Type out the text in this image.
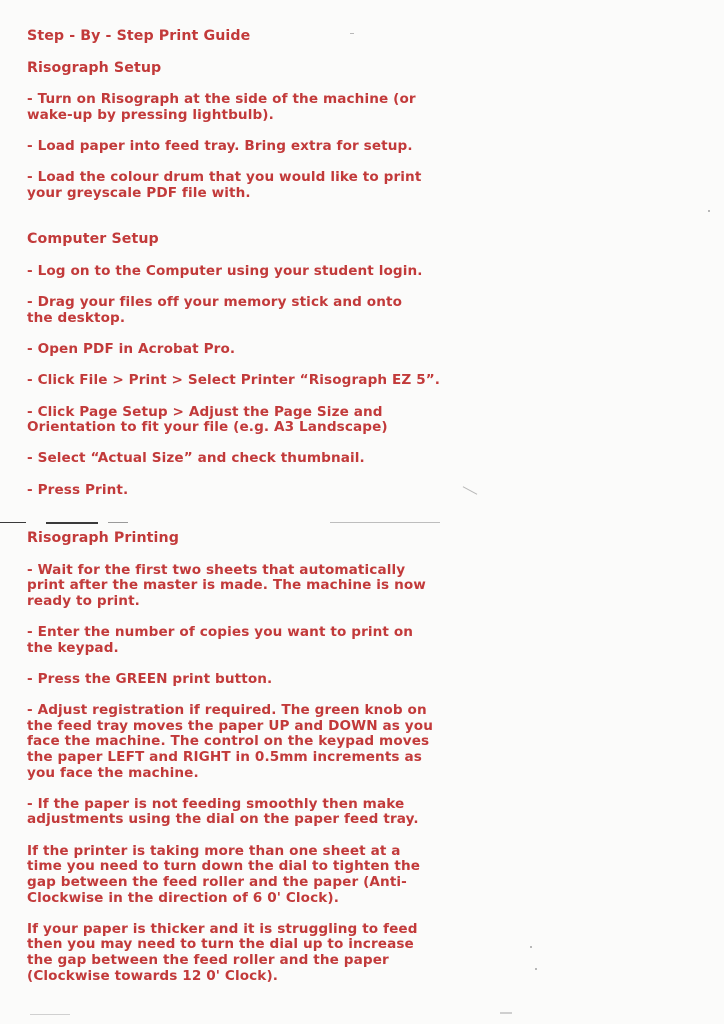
Step - By - Step Print Guide
Risograph Setup
- Turn on Risograph at the side of the machine (or
wake-up by pressing lightbulb).
- Load paper into feed tray. Bring extra for setup.
- Load the colour drum that you would like to print
your greyscale PDF file with.
Computer Setup
- Log on to the Computer using your student login.
- Drag your files off your memory stick and onto
the desktop.
- Open PDF in Acrobat Pro.
- Click File > Print > Select Printer “Risograph EZ 5”.
- Click Page Setup > Adjust the Page Size and
Orientation to fit your file (e.g. A3 Landscape)
- Select “Actual Size” and check thumbnail.
- Press Print.
Risograph Printing
- Wait for the first two sheets that automatically
print after the master is made. The machine is now
ready to print.
- Enter the number of copies you want to print on
the keypad.
- Press the GREEN print button.
- Adjust registration if required. The green knob on
the feed tray moves the paper UP and DOWN as you
face the machine. The control on the keypad moves
the paper LEFT and RIGHT in 0.5mm increments as
you face the machine.
- If the paper is not feeding smoothly then make
adjustments using the dial on the paper feed tray.
If the printer is taking more than one sheet at a
time you need to turn down the dial to tighten the
gap between the feed roller and the paper (Anti-
Clockwise in the direction of 6 0' Clock).
If your paper is thicker and it is struggling to feed
then you may need to turn the dial up to increase
the gap between the feed roller and the paper
(Clockwise towards 12 0' Clock).
